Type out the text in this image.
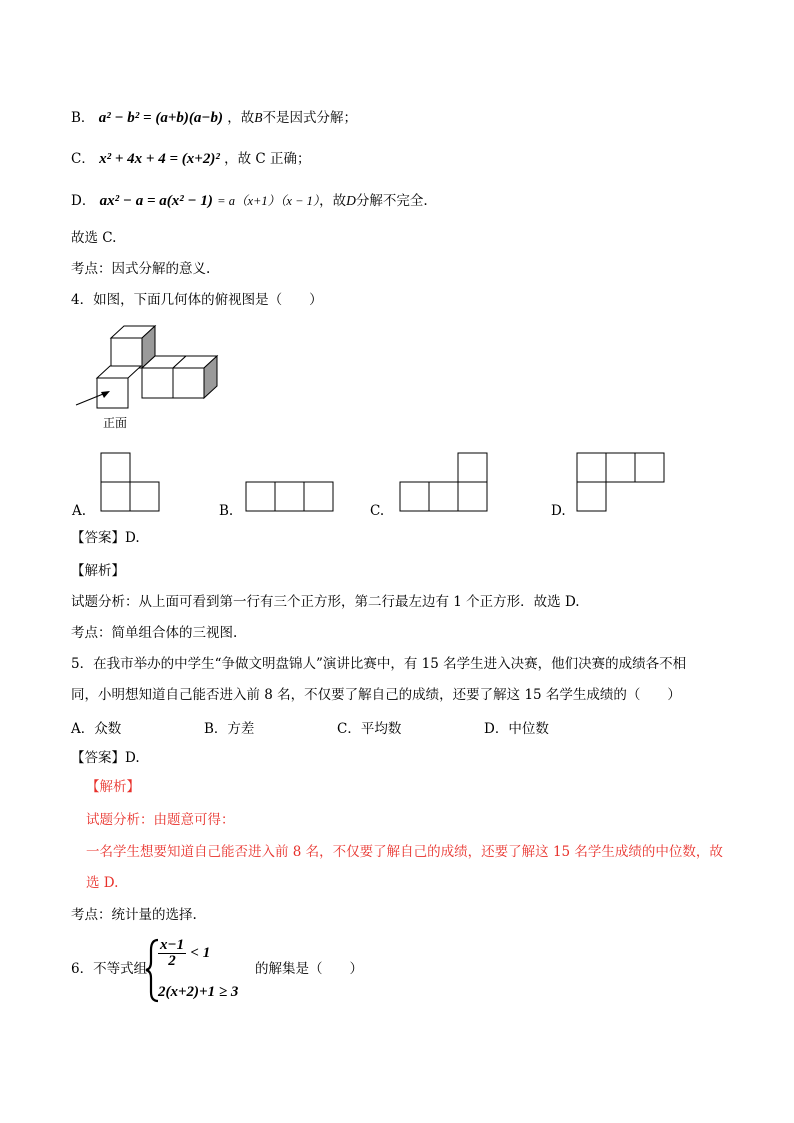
B． a² − b² = (a+b)(a−b) ，故B不是因式分解；
C． x² + 4x + 4 = (x+2)² ，故 C 正确；
D． ax² − a = a(x² − 1) = a（x+1）（x − 1），故D分解不完全.
故选 C.
考点：因式分解的意义.
4．如图，下面几何体的俯视图是（　　）
正面
A.	B.	C.	D.
【答案】D.
【解析】
试题分析：从上面可看到第一行有三个正方形，第二行最左边有 1 个正方形．故选 D.
考点：简单组合体的三视图.
5．在我市举办的中学生“争做文明盘锦人”演讲比赛中，有 15 名学生进入决赛，他们决赛的成绩各不相
同，小明想知道自己能否进入前 8 名，不仅要了解自己的成绩，还要了解这 15 名学生成绩的（　　）
A．众数	B．方差	C．平均数	D．中位数
【答案】D.
【解析】
试题分析：由题意可得：
一名学生想要知道自己能否进入前 8 名，不仅要了解自己的成绩，还要了解这 15 名学生成绩的中位数，故
选 D.
考点：统计量的选择.
6．不等式组 $\frac{x-1}{2} < 1$
2(x+2)+1 ≥ 3
的解集是（　　）
